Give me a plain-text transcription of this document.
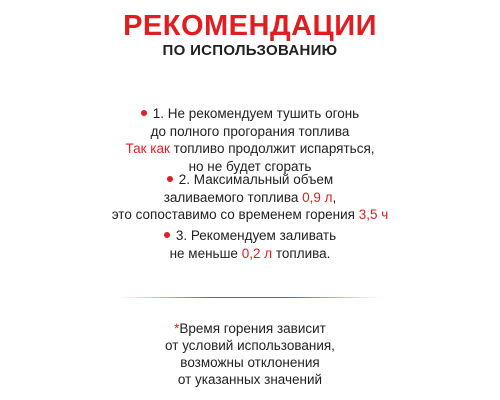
РЕКОМЕНДАЦИИ
ПО ИСПОЛЬЗОВАНИЮ
1. Не рекомендуем тушить огонь
до полного прогорания топлива
Так как топливо продолжит испаряться,
но не будет сгорать
2. Максимальный объем
заливаемого топлива 0,9 л,
это сопоставимо со временем горения 3,5 ч
3. Рекомендуем заливать
не меньше 0,2 л топлива.
*Время горения зависит
от условий использования,
возможны отклонения
от указанных значений
